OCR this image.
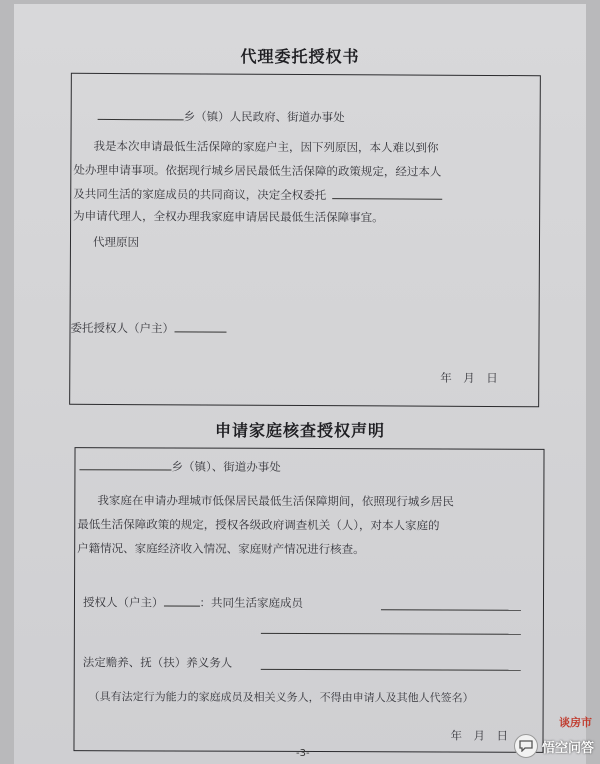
代理委托授权书
乡（镇）人民政府、街道办事处
我是本次申请最低生活保障的家庭户主，因下列原因，本人难以到你
处办理申请事项。依据现行城乡居民最低生活保障的政策规定，经过本人
及共同生活的家庭成员的共同商议，决定全权委托
为申请代理人，全权办理我家庭申请居民最低生活保障事宜。
代理原因
委托授权人（户主）
年　月　日
申请家庭核查授权声明
乡（镇）、街道办事处
我家庭在申请办理城市低保居民最低生活保障期间，依照现行城乡居民
最低生活保障政策的规定，授权各级政府调查机关（人），对本人家庭的
户籍情况、家庭经济收入情况、家庭财产情况进行核查。
授权人（户主）	：共同生活家庭成员
法定赡养、抚（扶）养义务人
（具有法定行为能力的家庭成员及相关义务人，不得由申请人及其他人代签名）
年　月　日
-3-
谈房市
悟空问答
